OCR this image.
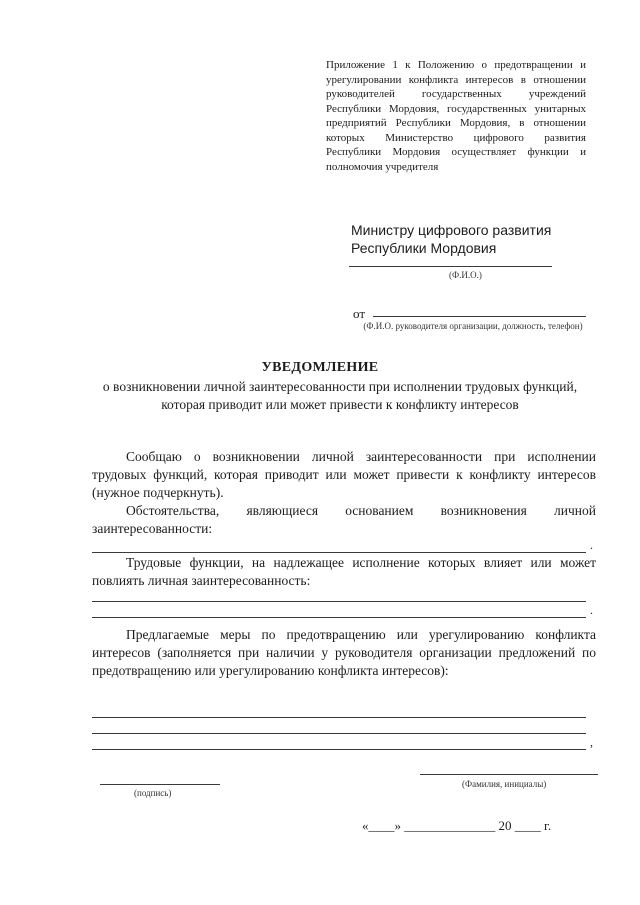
Приложение 1 к Положению о предотвращении и урегулировании конфликта интересов в отношении руководителей государственных учреждений Республики Мордовия, государственных унитарных предприятий Республики Мордовия, в отношении которых Министерство цифрового развития Республики Мордовия осуществляет функции и полномочия учредителя
Министру цифрового развития
Республики Мордовия
(Ф.И.О.)
от
(Ф.И.О. руководителя организации, должность, телефон)
УВЕДОМЛЕНИЕ
о возникновении личной заинтересованности при исполнении трудовых функций, которая приводит или может привести к конфликту интересов

Сообщаю о возникновении личной заинтересованности при исполнении трудовых функций, которая приводит или может привести к конфликту интересов (нужное подчеркнуть).

Обстоятельства, являющиеся основанием возникновения личной заинтересованности:

.

Трудовые функции, на надлежащее исполнение которых влияет или может повлиять личная заинтересованность:

.

Предлагаемые меры по предотвращению или урегулированию конфликта интересов (заполняется при наличии у руководителя организации предложений по предотвращению или урегулированию конфликта интересов):

,
(подпись)
(Фамилия, инициалы)
«____» ______________ 20 ____ г.
